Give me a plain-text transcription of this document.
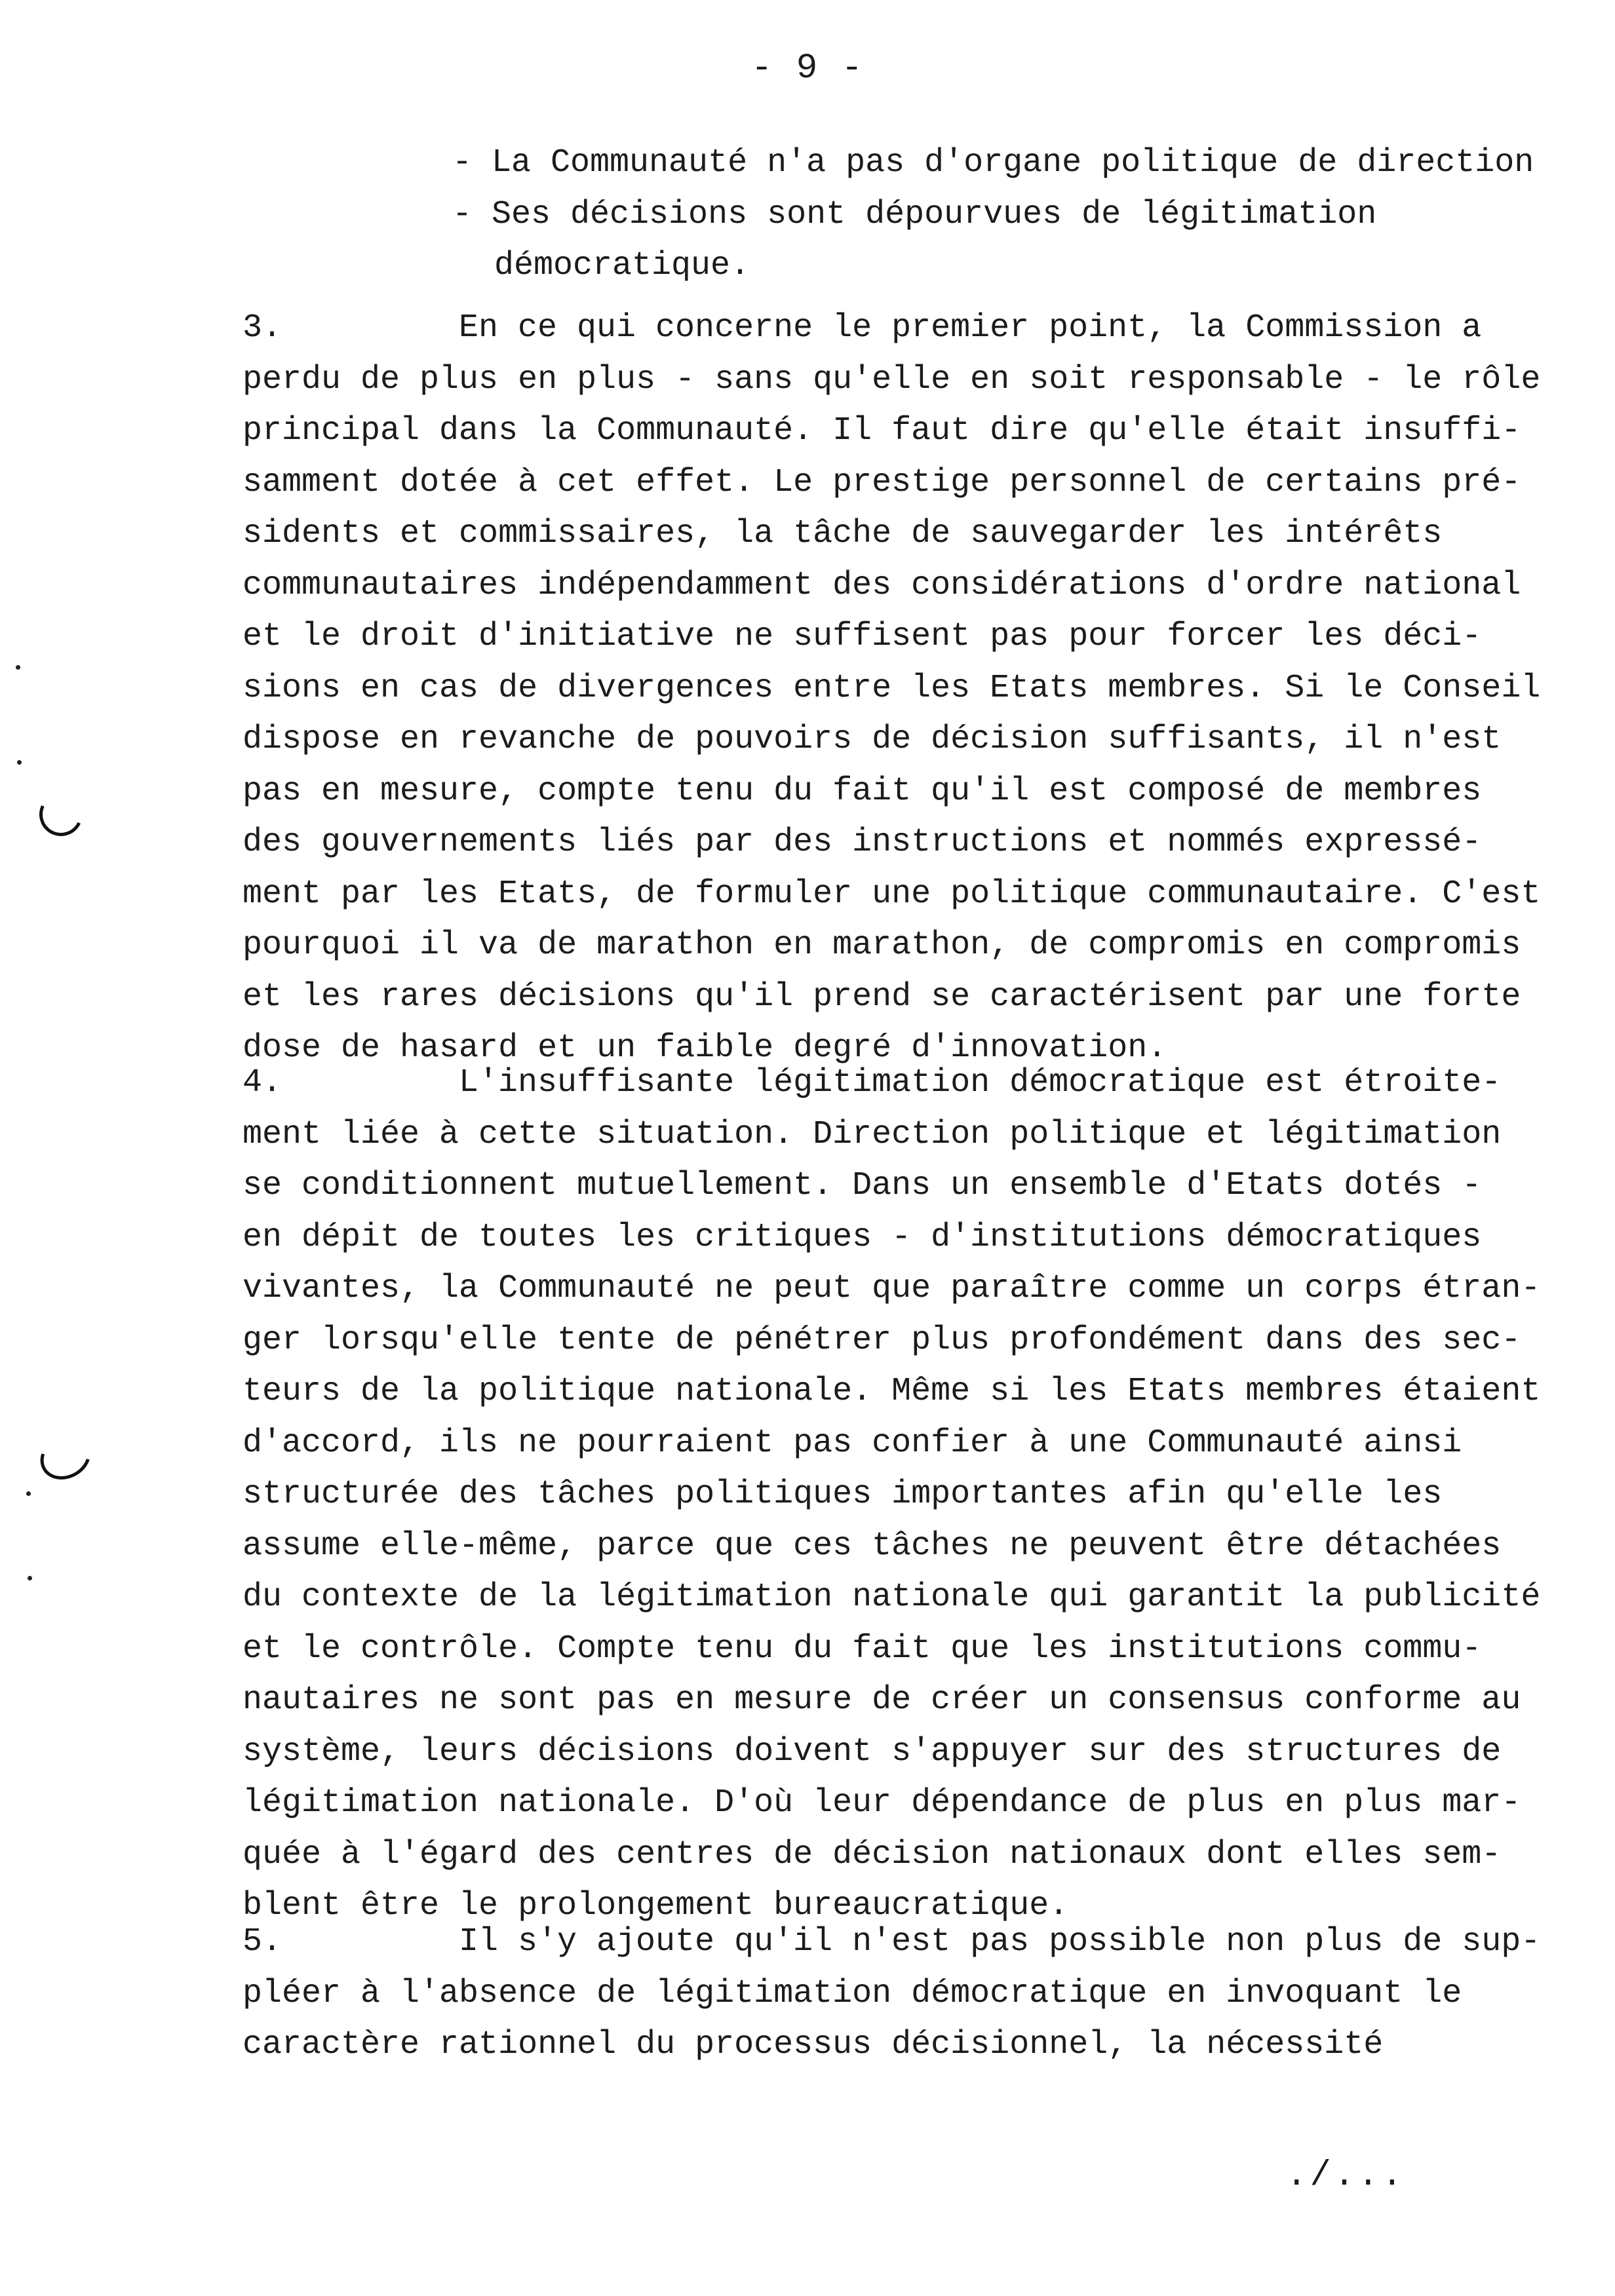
- 9 -
- La Communauté n'a pas d'organe politique de direction
- Ses décisions sont dépourvues de légitimation
démocratique.
3.	En ce qui concerne le premier point, la Commission a
perdu de plus en plus - sans qu'elle en soit responsable - le rôle
principal dans la Communauté. Il faut dire qu'elle était insuffi-
samment dotée à cet effet. Le prestige personnel de certains pré-
sidents et commissaires, la tâche de sauvegarder les intérêts
communautaires indépendamment des considérations d'ordre national
et le droit d'initiative ne suffisent pas pour forcer les déci-
sions en cas de divergences entre les Etats membres. Si le Conseil
dispose en revanche de pouvoirs de décision suffisants, il n'est
pas en mesure, compte tenu du fait qu'il est composé de membres
des gouvernements liés par des instructions et nommés expressé-
ment par les Etats, de formuler une politique communautaire. C'est
pourquoi il va de marathon en marathon, de compromis en compromis
et les rares décisions qu'il prend se caractérisent par une forte
dose de hasard et un faible degré d'innovation.
4.	L'insuffisante légitimation démocratique est étroite-
ment liée à cette situation. Direction politique et légitimation
se conditionnent mutuellement. Dans un ensemble d'Etats dotés -
en dépit de toutes les critiques - d'institutions démocratiques
vivantes, la Communauté ne peut que paraître comme un corps étran-
ger lorsqu'elle tente de pénétrer plus profondément dans des sec-
teurs de la politique nationale. Même si les Etats membres étaient
d'accord, ils ne pourraient pas confier à une Communauté ainsi
structurée des tâches politiques importantes afin qu'elle les
assume elle-même, parce que ces tâches ne peuvent être détachées
du contexte de la légitimation nationale qui garantit la publicité
et le contrôle. Compte tenu du fait que les institutions commu-
nautaires ne sont pas en mesure de créer un consensus conforme au
système, leurs décisions doivent s'appuyer sur des structures de
légitimation nationale. D'où leur dépendance de plus en plus mar-
quée à l'égard des centres de décision nationaux dont elles sem-
blent être le prolongement bureaucratique.
5.	Il s'y ajoute qu'il n'est pas possible non plus de sup-
pléer à l'absence de légitimation démocratique en invoquant le
caractère rationnel du processus décisionnel, la nécessité
./...
